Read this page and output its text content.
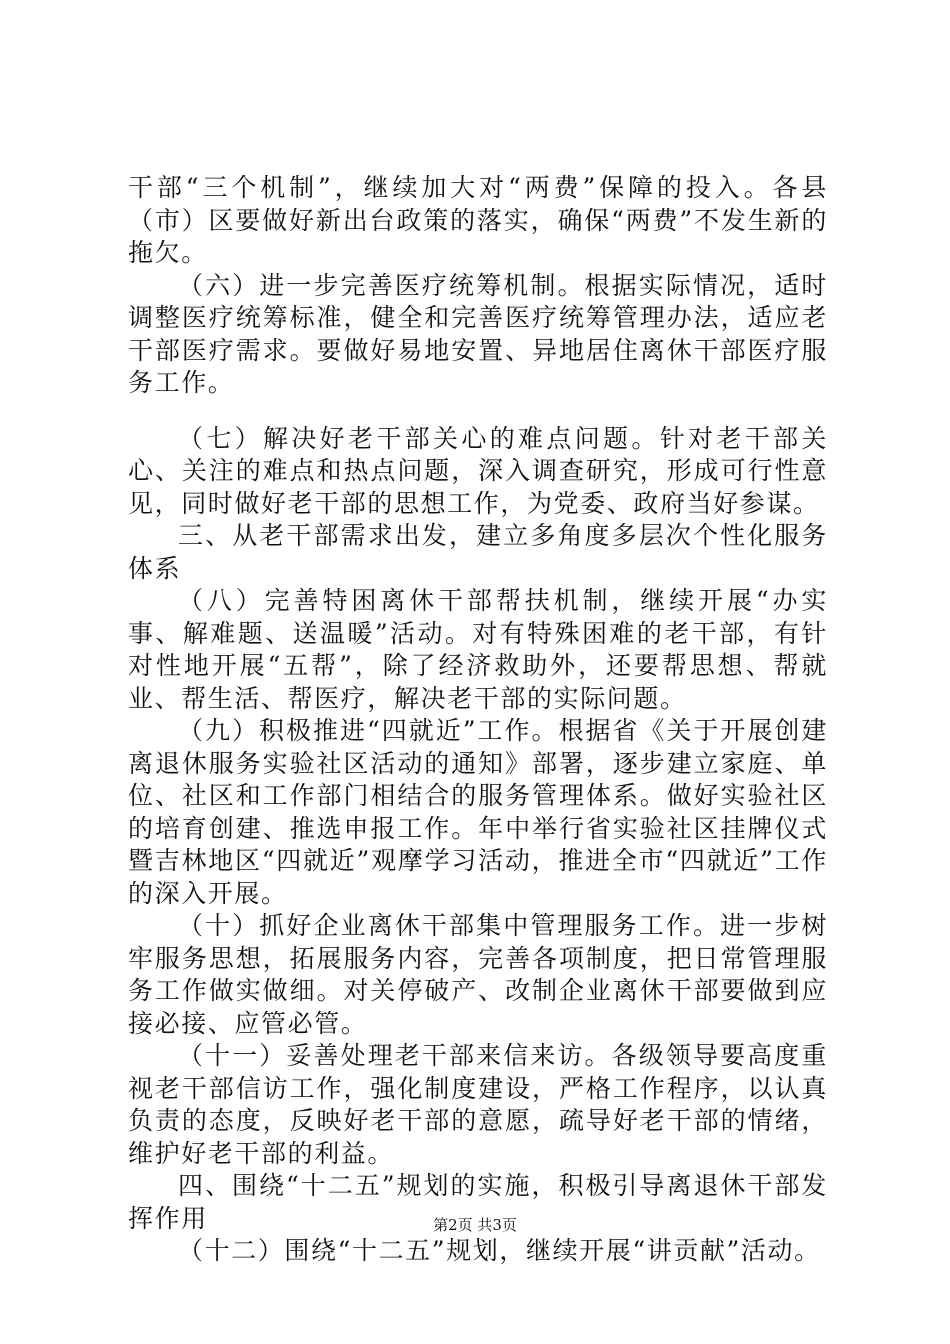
干部“三个机制”，继续加大对“两费”保障的投入。各县（市）区要做好新出台政策的落实，确保“两费”不发生新的拖欠。

（六）进一步完善医疗统筹机制。根据实际情况，适时调整医疗统筹标准，健全和完善医疗统筹管理办法，适应老干部医疗需求。要做好易地安置、异地居住离休干部医疗服务工作。

（七）解决好老干部关心的难点问题。针对老干部关心、关注的难点和热点问题，深入调查研究，形成可行性意见，同时做好老干部的思想工作，为党委、政府当好参谋。

三、从老干部需求出发，建立多角度多层次个性化服务体系

（八）完善特困离休干部帮扶机制，继续开展“办实事、解难题、送温暖”活动。对有特殊困难的老干部，有针对性地开展“五帮”，除了经济救助外，还要帮思想、帮就业、帮生活、帮医疗，解决老干部的实际问题。

（九）积极推进“四就近”工作。根据省《关于开展创建离退休服务实验社区活动的通知》部署，逐步建立家庭、单位、社区和工作部门相结合的服务管理体系。做好实验社区的培育创建、推选申报工作。年中举行省实验社区挂牌仪式暨吉林地区“四就近”观摩学习活动，推进全市“四就近”工作的深入开展。

（十）抓好企业离休干部集中管理服务工作。进一步树牢服务思想，拓展服务内容，完善各项制度，把日常管理服务工作做实做细。对关停破产、改制企业离休干部要做到应接必接、应管必管。

（十一）妥善处理老干部来信来访。各级领导要高度重视老干部信访工作，强化制度建设，严格工作程序，以认真负责的态度，反映好老干部的意愿，疏导好老干部的情绪，维护好老干部的利益。

四、围绕“十二五”规划的实施，积极引导离退休干部发挥作用

（十二）围绕“十二五”规划，继续开展“讲贡献”活动。

第2页 共3页
